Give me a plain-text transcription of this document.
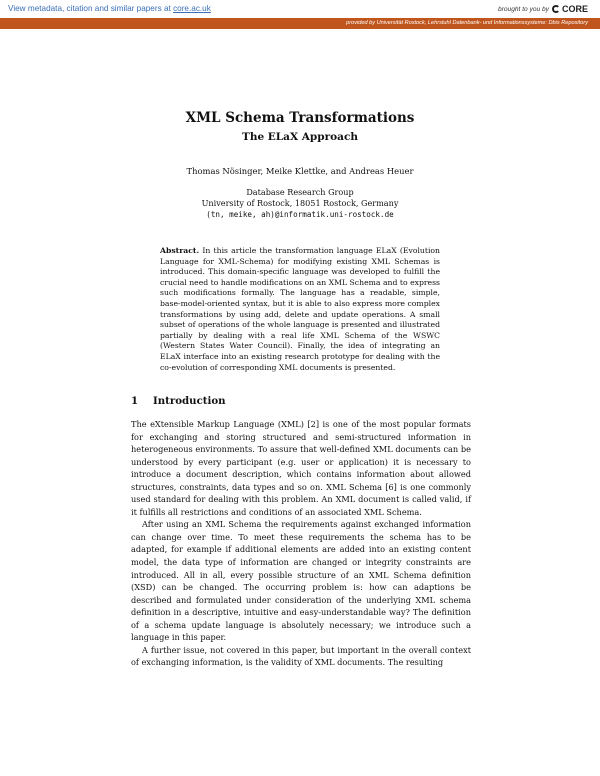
View metadata, citation and similar papers at core.ac.uk	brought to you by CORE
provided by Universität Rostock, Lehrstuhl Datenbank- und Informationssysteme: Dbis Repository
XML Schema Transformations
The ELaX Approach
Thomas Nösinger, Meike Klettke, and Andreas Heuer
Database Research Group
University of Rostock, 18051 Rostock, Germany
(tn, meike, ah)@informatik.uni-rostock.de
Abstract. In this article the transformation language ELaX (Evolution Language for XML-Schema) for modifying existing XML Schemas is introduced. This domain-specific language was developed to fulfill the crucial need to handle modifications on an XML Schema and to express such modifications formally. The language has a readable, simple, base-model-oriented syntax, but it is able to also express more complex transformations by using add, delete and update operations. A small subset of operations of the whole language is presented and illustrated partially by dealing with a real life XML Schema of the WSWC (Western States Water Council). Finally, the idea of integrating an ELaX interface into an existing research prototype for dealing with the co-evolution of corresponding XML documents is presented.
1 Introduction

The eXtensible Markup Language (XML) [2] is one of the most popular formats for exchanging and storing structured and semi-structured information in heterogeneous environments. To assure that well-defined XML documents can be understood by every participant (e.g. user or application) it is necessary to introduce a document description, which contains information about allowed structures, constraints, data types and so on. XML Schema [6] is one commonly used standard for dealing with this problem. An XML document is called valid, if it fulfills all restrictions and conditions of an associated XML Schema.

After using an XML Schema the requirements against exchanged information can change over time. To meet these requirements the schema has to be adapted, for example if additional elements are added into an existing content model, the data type of information are changed or integrity constraints are introduced. All in all, every possible structure of an XML Schema definition (XSD) can be changed. The occurring problem is: how can adaptions be described and formulated under consideration of the underlying XML schema definition in a descriptive, intuitive and easy-understandable way? The definition of a schema update language is absolutely necessary; we introduce such a language in this paper.

A further issue, not covered in this paper, but important in the overall context of exchanging information, is the validity of XML documents. The resulting
